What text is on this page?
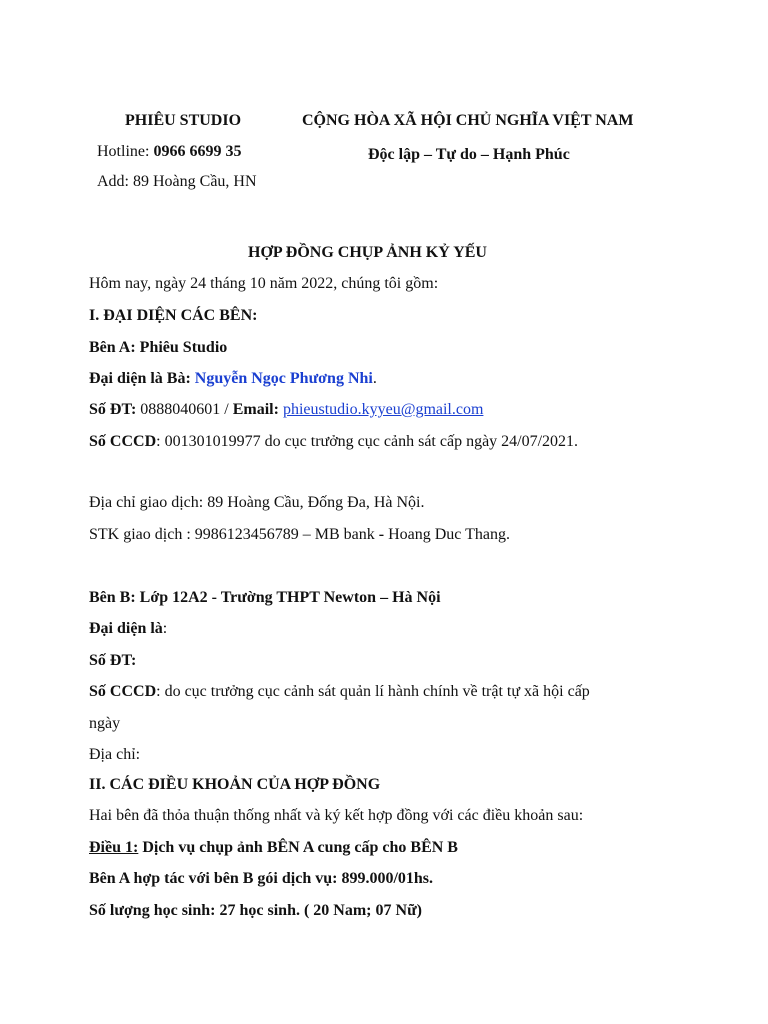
PHIÊU STUDIO
Hotline: 0966 6699 35
Add: 89 Hoàng Cầu, HN
CỘNG HÒA XÃ HỘI CHỦ NGHĨA VIỆT NAM
Độc lập – Tự do – Hạnh Phúc
HỢP ĐỒNG CHỤP ẢNH KỶ YẾU
Hôm nay, ngày 24 tháng 10 năm 2022, chúng tôi gồm:
I. ĐẠI DIỆN CÁC BÊN:
Bên A: Phiêu Studio
Đại diện là Bà: Nguyễn Ngọc Phương Nhi.
Số ĐT: 0888040601 / Email: phieustudio.kyyeu@gmail.com
Số CCCD: 001301019977 do cục trưởng cục cảnh sát cấp ngày 24/07/2021.
Địa chỉ giao dịch: 89 Hoàng Cầu, Đống Đa, Hà Nội.
STK giao dịch : 9986123456789 – MB bank - Hoang Duc Thang.
Bên B: Lớp 12A2 - Trường THPT Newton – Hà Nội
Đại diện là:
Số ĐT:
Số CCCD: do cục trưởng cục cảnh sát quản lí hành chính về trật tự xã hội cấp
ngày
Địa chỉ:
II. CÁC ĐIỀU KHOẢN CỦA HỢP ĐỒNG
Hai bên đã thỏa thuận thống nhất và ký kết hợp đồng với các điều khoản sau:
Điều 1: Dịch vụ chụp ảnh BÊN A cung cấp cho BÊN B
Bên A hợp tác với bên B gói dịch vụ: 899.000/01hs.
Số lượng học sinh: 27 học sinh. ( 20 Nam; 07 Nữ)
